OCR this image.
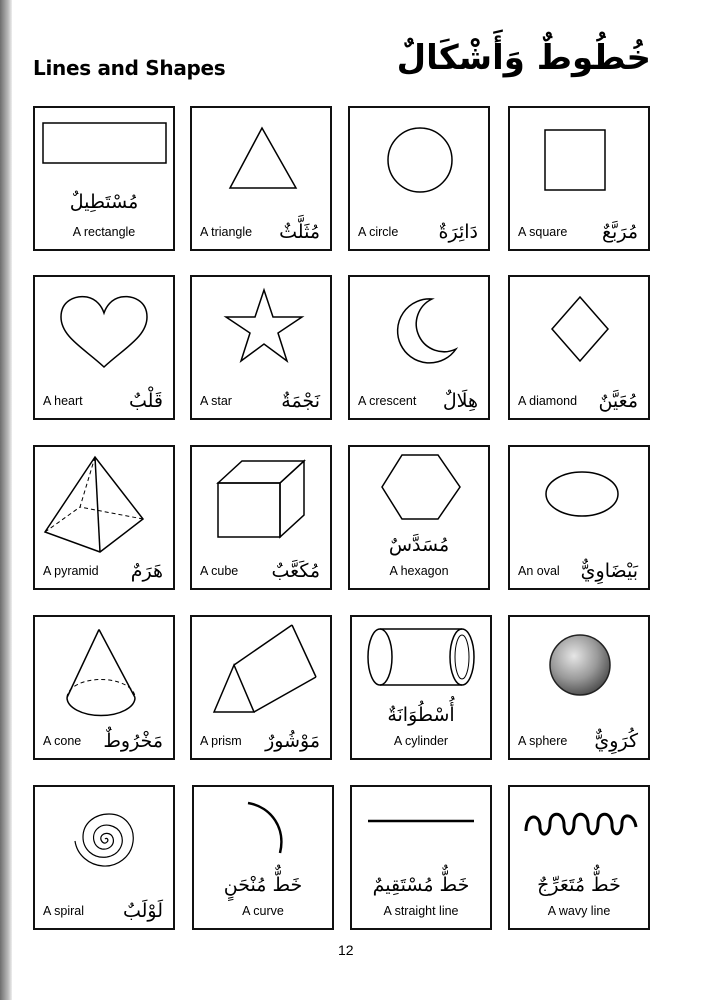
Lines and Shapes	خُطُوطٌ وَأَشْكَالٌ
مُسْتَطِيلٌ
A rectangle	A triangle مُثَلَّثٌ	A circle دَائِرَةٌ	A square مُرَبَّعٌ
A heart قَلْبٌ	A star	نَجْمَةٌ	A crescent هِلَالٌ	A diamond مُعَيَّنٌ
A pyramid هَرَمٌ	A cube مُكَعَّبٌ
مُسَدَّسٌ
A hexagon	An oval بَيْضَاوِيٌّ
A cone مَخْرُوطٌ	A prism مَوْشُورٌ
أُسْطُوَانَةٌ
A cylinder	A sphere كُرَوِيٌّ
A spiral لَوْلَبٌ
خَطٌّ مُنْحَنٍ
A curve
خَطٌّ مُسْتَقِيمٌ
A straight line
خَطٌّ مُتَعَرِّجٌ
A wavy line
12
